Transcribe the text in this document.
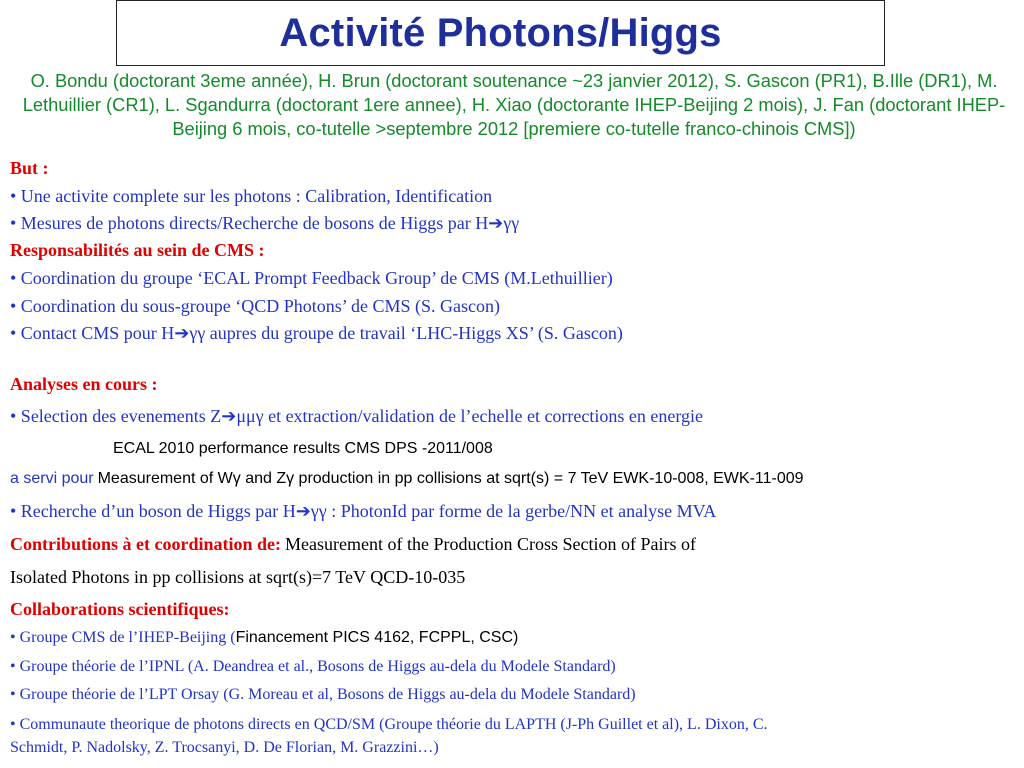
Activité Photons/Higgs
O. Bondu (doctorant 3eme année), H. Brun (doctorant soutenance ~23 janvier 2012), S. Gascon (PR1), B.Ille (DR1), M. Lethuillier (CR1), L. Sgandurra (doctorant 1ere annee), H. Xiao (doctorante IHEP-Beijing 2 mois), J. Fan (doctorant IHEP-Beijing 6 mois, co-tutelle >septembre 2012 [premiere co-tutelle franco-chinois CMS])
But :
• Une activite complete sur les photons : Calibration, Identification
• Mesures de photons directs/Recherche de bosons de Higgs par H➔γγ
Responsabilités au sein de CMS :
• Coordination du groupe ‘ECAL Prompt Feedback Group’ de CMS (M.Lethuillier)
• Coordination du sous-groupe ‘QCD Photons’ de CMS (S. Gascon)
• Contact CMS pour H➔γγ aupres du groupe de travail ‘LHC-Higgs XS’ (S. Gascon)
Analyses en cours :
• Selection des evenements Z➔μμγ et extraction/validation de l’echelle et corrections en energie
ECAL 2010 performance results CMS DPS -2011/008
a servi pour Measurement of Wγ and Zγ production in pp collisions at sqrt(s) = 7 TeV EWK-10-008, EWK-11-009
• Recherche d’un boson de Higgs par H➔γγ : PhotonId par forme de la gerbe/NN et analyse MVA
Contributions à et coordination de: Measurement of the Production Cross Section of Pairs of
Isolated Photons in pp collisions at sqrt(s)=7 TeV QCD-10-035
Collaborations scientifiques:
• Groupe CMS de l’IHEP-Beijing (Financement PICS 4162, FCPPL, CSC)
• Groupe théorie de l’IPNL (A. Deandrea et al., Bosons de Higgs au-dela du Modele Standard)
• Groupe théorie de l’LPT Orsay (G. Moreau et al, Bosons de Higgs au-dela du Modele Standard)
• Communaute theorique de photons directs en QCD/SM (Groupe théorie du LAPTH (J-Ph Guillet et al), L. Dixon, C.
Schmidt, P. Nadolsky, Z. Trocsanyi, D. De Florian, M. Grazzini…)
